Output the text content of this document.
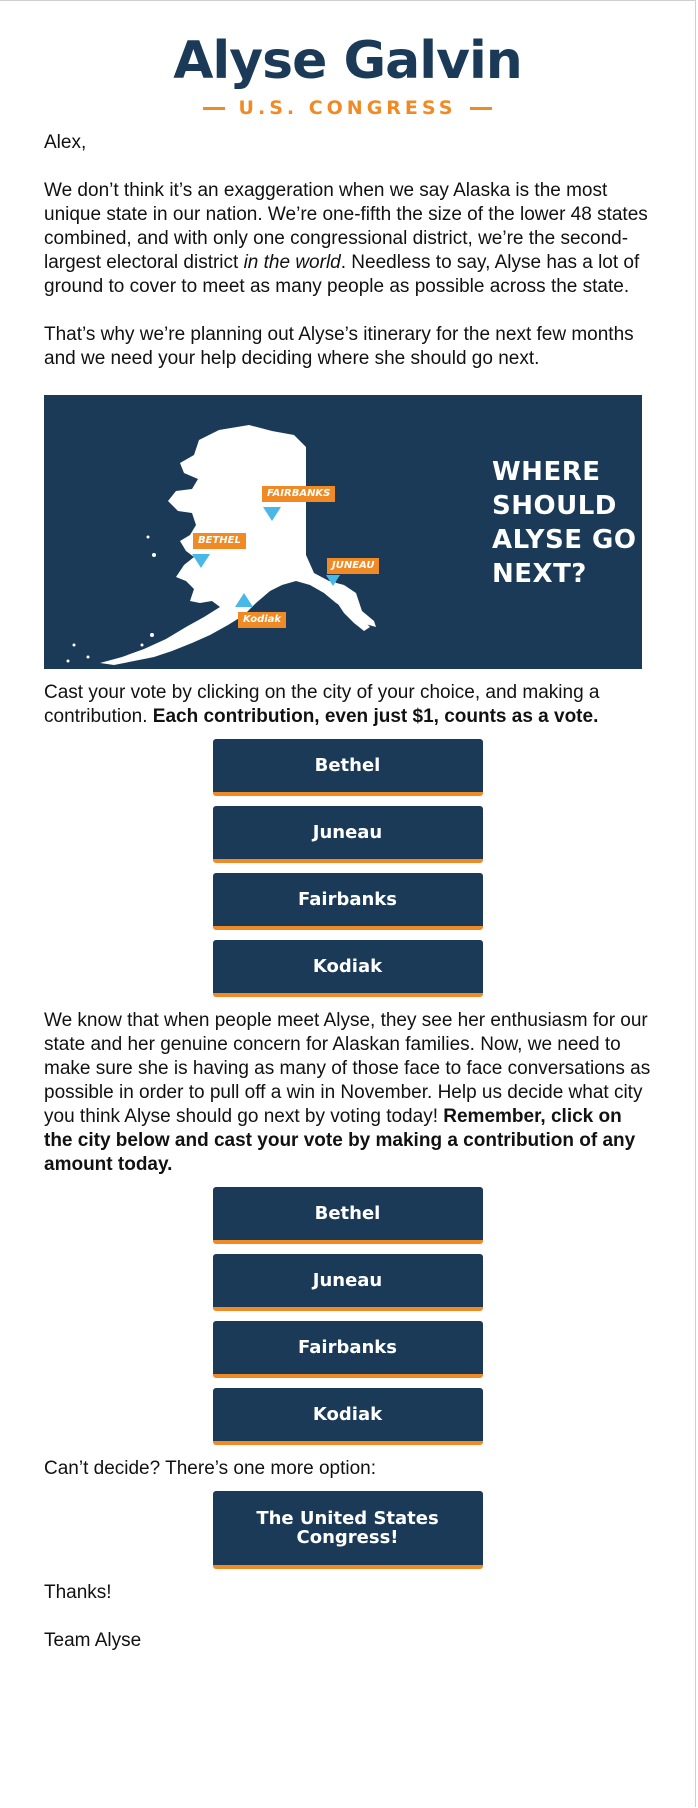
Alyse Galvin
U.S. CONGRESS

Alex,

We don’t think it’s an exaggeration when we say Alaska is the most unique state in our nation. We’re one-fifth the size of the lower 48 states combined, and with only one congressional district, we’re the second-largest electoral district in the world. Needless to say, Alyse has a lot of ground to cover to meet as many people as possible across the state.

That’s why we’re planning out Alyse’s itinerary for the next few months and we need your help deciding where she should go next.

FAIRBANKS
BETHEL
JUNEAU
Kodiak
WHERE
SHOULD
ALYSE GO
NEXT?

Cast your vote by clicking on the city of your choice, and making a contribution. Each contribution, even just $1, counts as a vote.

Bethel
Juneau
Fairbanks
Kodiak

We know that when people meet Alyse, they see her enthusiasm for our state and her genuine concern for Alaskan families. Now, we need to make sure she is having as many of those face to face conversations as possible in order to pull off a win in November. Help us decide what city you think Alyse should go next by voting today! Remember, click on the city below and cast your vote by making a contribution of any amount today.

Bethel
Juneau
Fairbanks
Kodiak

Can’t decide? There’s one more option:

The United States Congress!

Thanks!

Team Alyse
